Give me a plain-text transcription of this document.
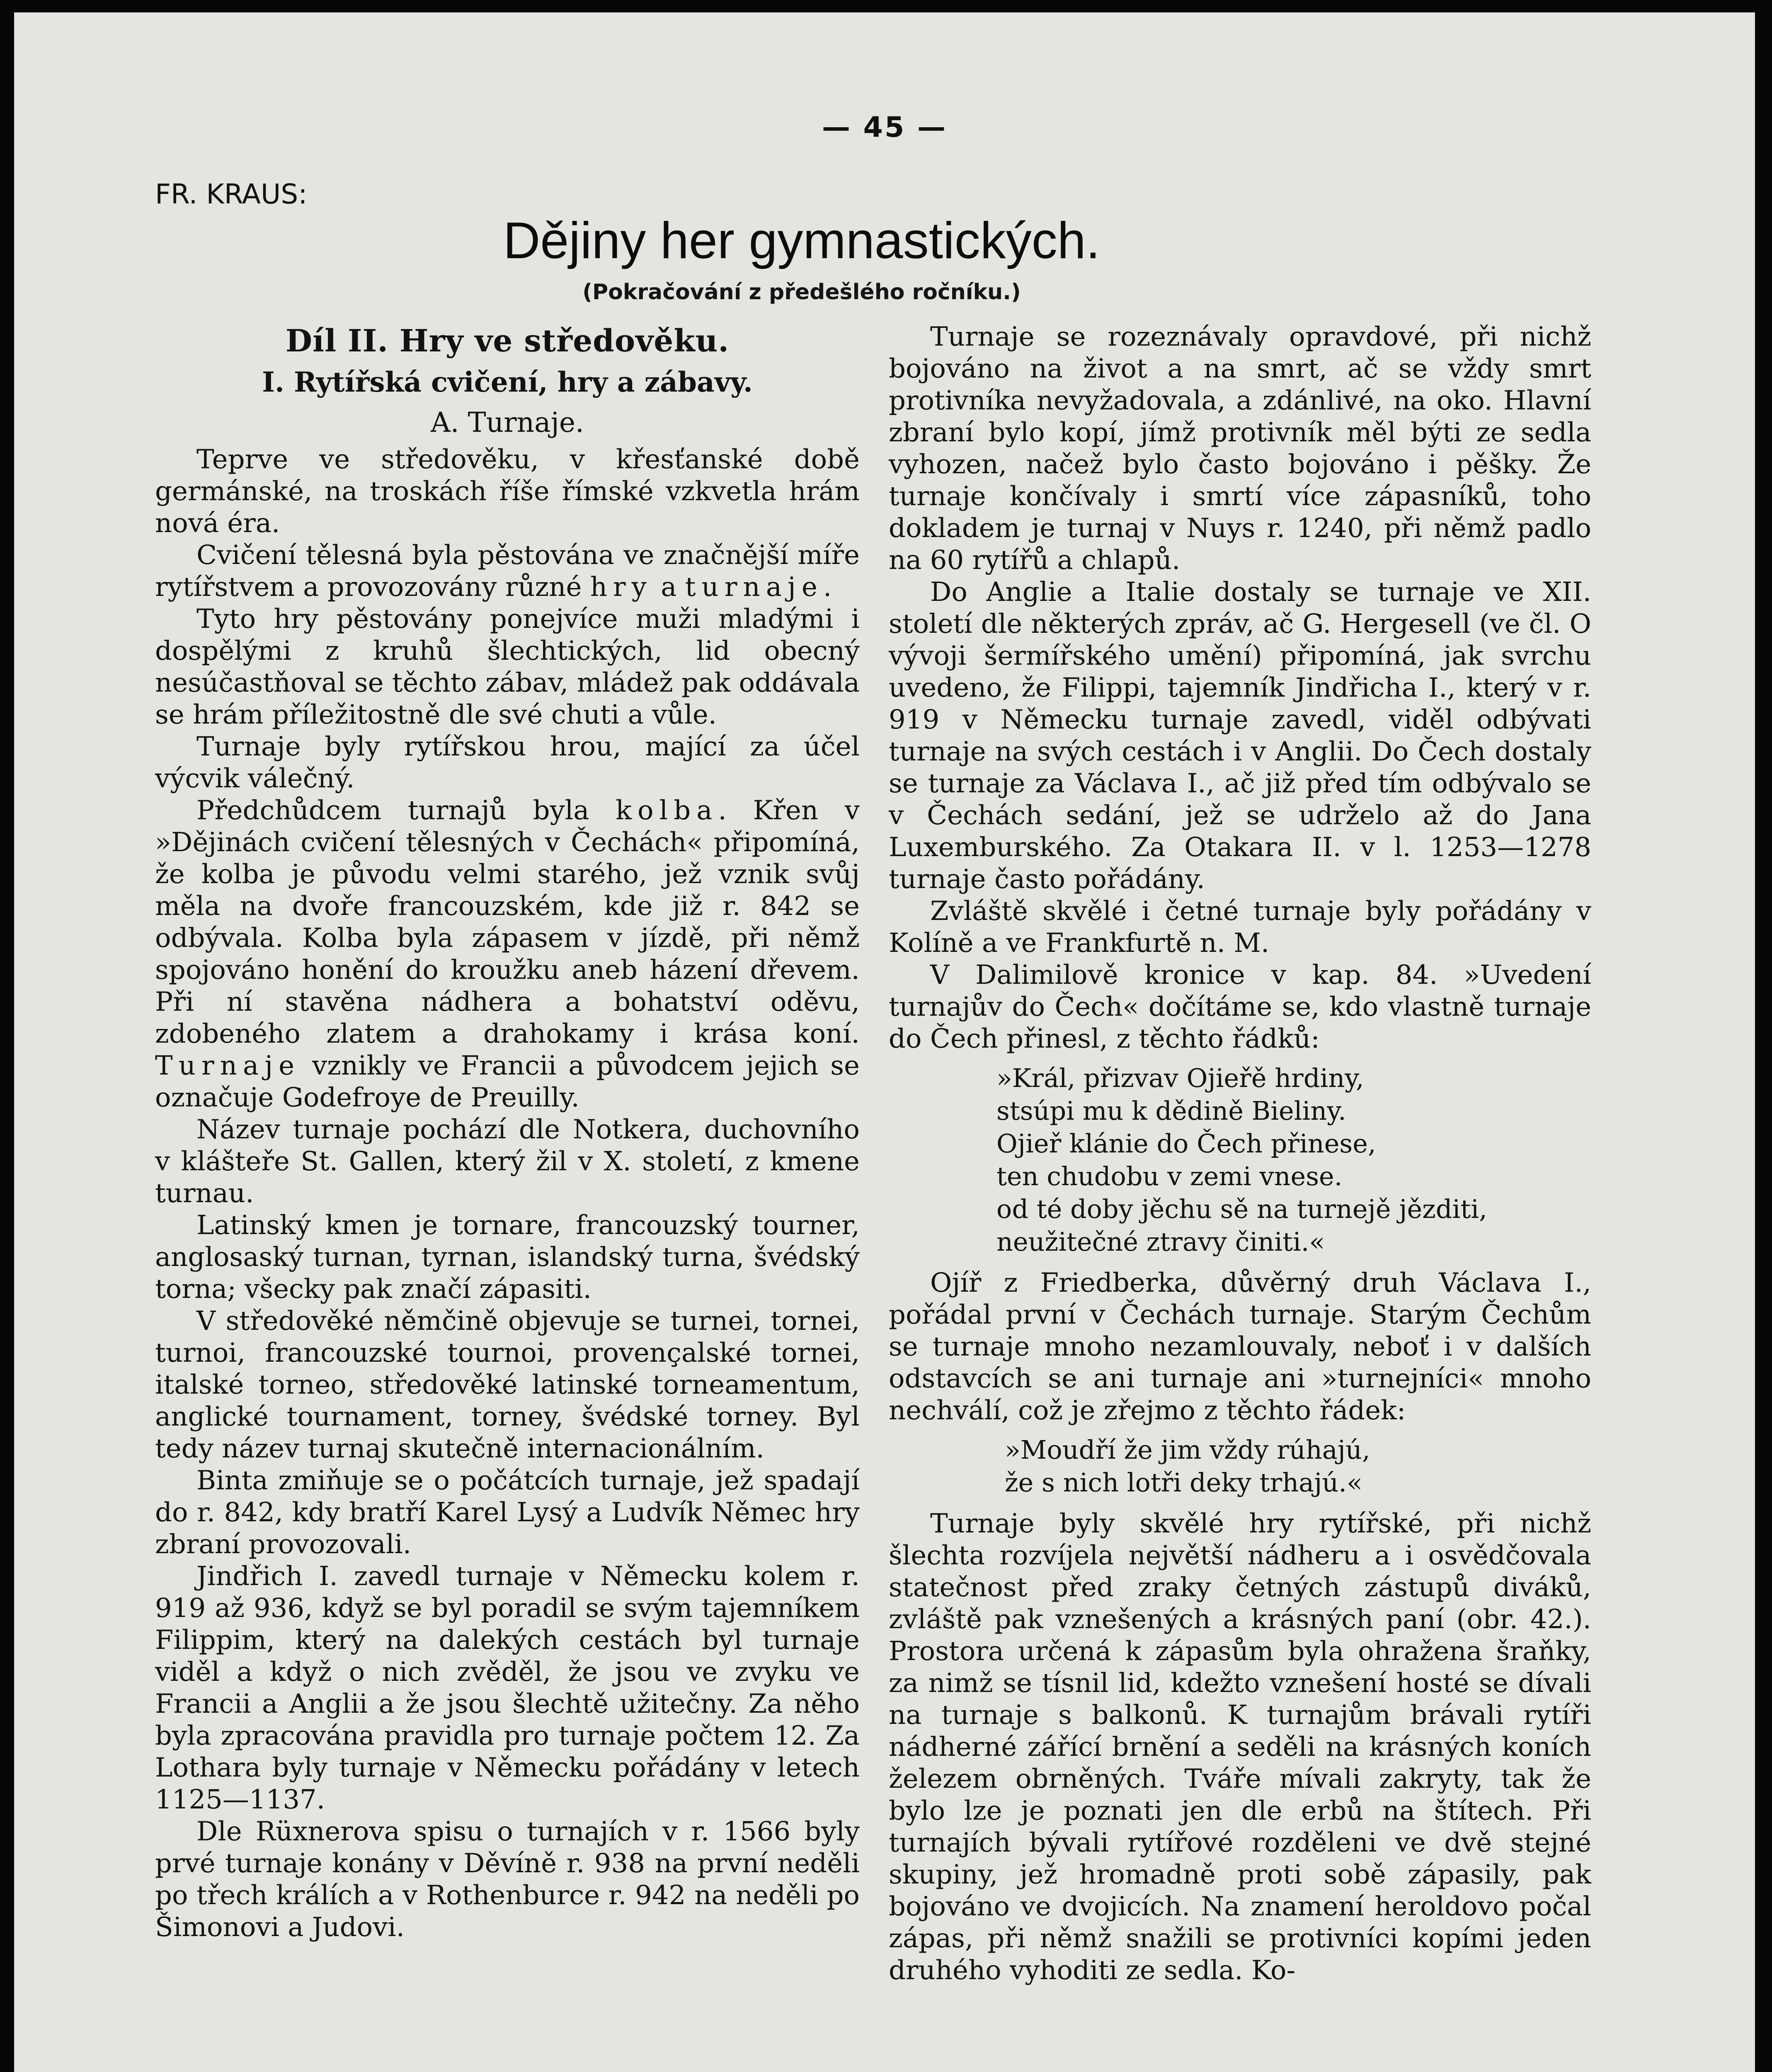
— 45 —
FR. KRAUS:
Dějiny her gymnastických.
(Pokračování z předešlého ročníku.)
Díl II. Hry ve středověku.
I. Rytířská cvičení, hry a zábavy.
A. Turnaje.

Teprve ve středověku, v křesťanské době germánské, na troskách říše římské vzkvetla hrám nová éra.

Cvičení tělesná byla pěstována ve značnější míře rytířstvem a provozovány různé hry a turnaje.

Tyto hry pěstovány ponejvíce muži mladými i dospělými z kruhů šlechtických, lid obecný nesúčastňoval se těchto zábav, mládež pak oddávala se hrám příležitostně dle své chuti a vůle.

Turnaje byly rytířskou hrou, mající za účel výcvik válečný.

Předchůdcem turnajů byla kolba. Křen v »Dějinách cvičení tělesných v Čechách« připomíná, že kolba je původu velmi starého, jež vznik svůj měla na dvoře francouzském, kde již r. 842 se odbývala. Kolba byla zápasem v jízdě, při němž spojováno honění do kroužku aneb házení dřevem. Při ní stavěna nádhera a bohatství oděvu, zdobeného zlatem a drahokamy i krása koní. Turnaje vznikly ve Francii a původcem jejich se označuje Godefroye de Preuilly.

Název turnaje pochází dle Notkera, duchovního v klášteře St. Gallen, který žil v X. století, z kmene turnau.

Latinský kmen je tornare, francouzský tourner, anglosaský turnan, tyrnan, islandský turna, švédský torna; všecky pak značí zápasiti.

V středověké němčině objevuje se turnei, tornei, turnoi, francouzské tournoi, provençalské tornei, italské torneo, středověké latinské torneamentum, anglické tournament, torney, švédské torney. Byl tedy název turnaj skutečně internacionálním.

Binta zmiňuje se o počátcích turnaje, jež spadají do r. 842, kdy bratří Karel Lysý a Ludvík Němec hry zbraní provozovali.

Jindřich I. zavedl turnaje v Německu kolem r. 919 až 936, když se byl poradil se svým tajemníkem Filippim, který na dalekých cestách byl turnaje viděl a když o nich zvěděl, že jsou ve zvyku ve Francii a Anglii a že jsou šlechtě užitečny. Za něho byla zpracována pravidla pro turnaje počtem 12. Za Lothara byly turnaje v Německu pořádány v letech 1125—1137.

Dle Rüxnerova spisu o turnajích v r. 1566 byly prvé turnaje konány v Děvíně r. 938 na první neděli po třech králích a v Rothenburce r. 942 na neděli po Šimonovi a Judovi.

Turnaje se rozeznávaly opravdové, při nichž bojováno na život a na smrt, ač se vždy smrt protivníka nevyžadovala, a zdánlivé, na oko. Hlavní zbraní bylo kopí, jímž protivník měl býti ze sedla vyhozen, načež bylo často bojováno i pěšky. Že turnaje končívaly i smrtí více zápasníků, toho dokladem je turnaj v Nuys r. 1240, při němž padlo na 60 rytířů a chlapů.

Do Anglie a Italie dostaly se turnaje ve XII. století dle některých zpráv, ač G. Hergesell (ve čl. O vývoji šermířského umění) připomíná, jak svrchu uvedeno, že Filippi, tajemník Jindřicha I., který v r. 919 v Německu turnaje zavedl, viděl odbývati turnaje na svých cestách i v Anglii. Do Čech dostaly se turnaje za Václava I., ač již před tím odbývalo se v Čechách sedání, jež se udrželo až do Jana Luxemburského. Za Otakara II. v l. 1253—1278 turnaje často pořádány.

Zvláště skvělé i četné turnaje byly pořádány v Kolíně a ve Frankfurtě n. M.

V Dalimilově kronice v kap. 84. »Uvedení turnajův do Čech« dočítáme se, kdo vlastně turnaje do Čech přinesl, z těchto řádků:

»Král, přizvav Ojieřě hrdiny,
stsúpi mu k dědině Bieliny.
Ojieř klánie do Čech přinese,
ten chudobu v zemi vnese.
od té doby jěchu sě na turnejě jězditi,
neužitečné ztravy činiti.«

Ojíř z Friedberka, důvěrný druh Václava I., pořádal první v Čechách turnaje. Starým Čechům se turnaje mnoho nezamlouvaly, neboť i v dalších odstavcích se ani turnaje ani »turnejníci« mnoho nechválí, což je zřejmo z těchto řádek:

»Moudří že jim vždy rúhajú,
že s nich lotři deky trhajú.«

Turnaje byly skvělé hry rytířské, při nichž šlechta rozvíjela největší nádheru a i osvědčovala statečnost před zraky četných zástupů diváků, zvláště pak vznešených a krásných paní (obr. 42.). Prostora určená k zápasům byla ohražena šraňky, za nimž se tísnil lid, kdežto vznešení hosté se dívali na turnaje s balkonů. K turnajům brávali rytíři nádherné zářící brnění a seděli na krásných koních železem obrněných. Tváře mívali zakryty, tak že bylo lze je poznati jen dle erbů na štítech. Při turnajích bývali rytířové rozděleni ve dvě stejné skupiny, jež hromadně proti sobě zápasily, pak bojováno ve dvojicích. Na znamení heroldovo počal zápas, při němž snažili se protivníci kopími jeden druhého vyhoditi ze sedla. Ko-
